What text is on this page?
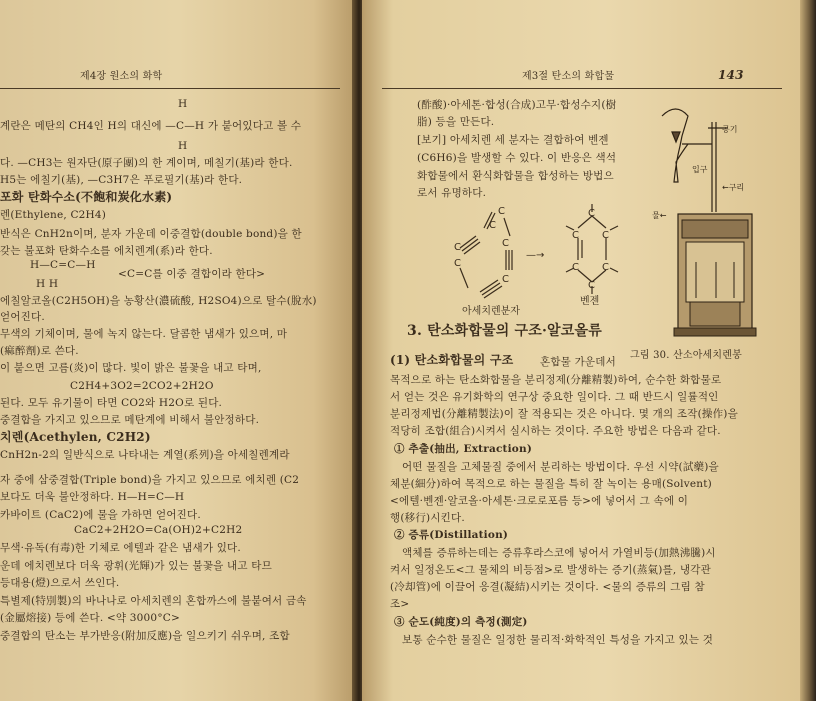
제4장 원소의 화학
H
계란은 메탄의 CH4인 H의 대신에 —C—H 가 붙어있다고 볼 수
H
다. —CH3는 원자단(原子團)의 한 계이며, 메칠기(基)라 한다.
H5는 에칠기(基), —C3H7은 푸로필기(基)라 한다.
포화 탄화수소(不飽和炭化水素)
렌(Ethylene, C2H4)
반식은 CnH2n이며, 분자 가운데 이중결합(double bond)을 한
갖는 불포화 탄화수소를 에치렌계(系)라 한다.
H—C=C—H
<C=C를 이중 결합이라 한다>
H H
에칠알코올(C2H5OH)을 농황산(濃硫酸, H2SO4)으로 탈수(脫水)
얻어진다.
무색의 기체이며, 물에 녹지 않는다. 달콤한 냄새가 있으며, 마
(痲醉劑)로 쓴다.
이 붙으면 고름(炎)이 많다. 빛이 밝은 불꽃을 내고 타며,
C2H4+3O2=2CO2+2H2O
된다. 모두 유기물이 타면 CO2와 H2O로 된다.
중결합을 가지고 있으므로 메탄계에 비해서 불안정하다.
치렌(Acethylen, C2H2)
CnH2n-2의 일반식으로 나타내는 계열(系列)을 아세칠렌계라
자 중에 삼중결합(Triple bond)을 가지고 있으므로 에치렌 (C2
보다도 더욱 불안정하다. H—H=C—H
카바이트 (CaC2)에 물을 가하면 얻어진다.
CaC2+2H2O=Ca(OH)2+C2H2
무색·유독(有毒)한 기체로 에텔과 같은 냄새가 있다.
운데 에치렌보다 더욱 광휘(光輝)가 있는 불꽃을 내고 타므
등대용(燈)으로서 쓰인다.
특별제(特別製)의 바나나로 아세치렌의 혼합까스에 불붙여서 금속
(金屬熔接) 등에 쓴다. <약 3000°C>
중결합의 탄소는 부가반응(附加反應)을 일으키기 쉬우며, 조합
제3절 탄소의 화합물	143
(酢酸)·아세톤·합성(合成)고무·합성수지(樹
脂) 등을 만든다.
[보기] 아세치렌 세 분자는 결합하여 벤젠
(C6H6)을 발생할 수 있다. 이 반응은 색석
화합물에서 환식화합물을 합성하는 방법으
로서 유명하다.
C
C
C
C
C
C
—→
C
C C
C C
C
아세치렌분자
벤젠
공기
입구
←구리
물←
3. 탄소화합물의 구조·알코올류
그림 30. 산소아세치렌봉
(1) 탄소화합물의 구조	혼합물 가운데서
목적으로 하는 탄소화합물을 분리정제(分離精製)하여, 순수한 화합물로
서 얻는 것은 유기화학의 연구상 중요한 일이다. 그 때 반드시 일률적인
분리정제법(分離精製法)이 잘 적용되는 것은 아니다. 몇 개의 조작(操作)을
적당히 조합(組合)시켜서 실시하는 것이다. 주요한 방법은 다음과 같다.
① 추출(抽出, Extraction)
어떤 물질을 고체물질 중에서 분리하는 방법이다. 우선 시약(試藥)을
체분(細分)하여 목적으로 하는 물질을 특히 잘 녹이는 용매(Solvent)
<에텔·벤젠·알코올·아세톤·크로로포름 등>에 넣어서 그 속에 이
행(移行)시킨다.
② 증류(Distillation)
액체를 증류하는데는 증류후라스코에 넣어서 가열비등(加熱沸騰)시
켜서 일정온도<그 물체의 비등점>로 발생하는 증기(蒸氣)를, 냉각관
(冷却管)에 이끌어 응결(凝結)시키는 것이다. <물의 증류의 그림 참
조>
③ 순도(純度)의 측정(測定)
보통 순수한 물질은 일정한 물리적·화학적인 특성을 가지고 있는 것
